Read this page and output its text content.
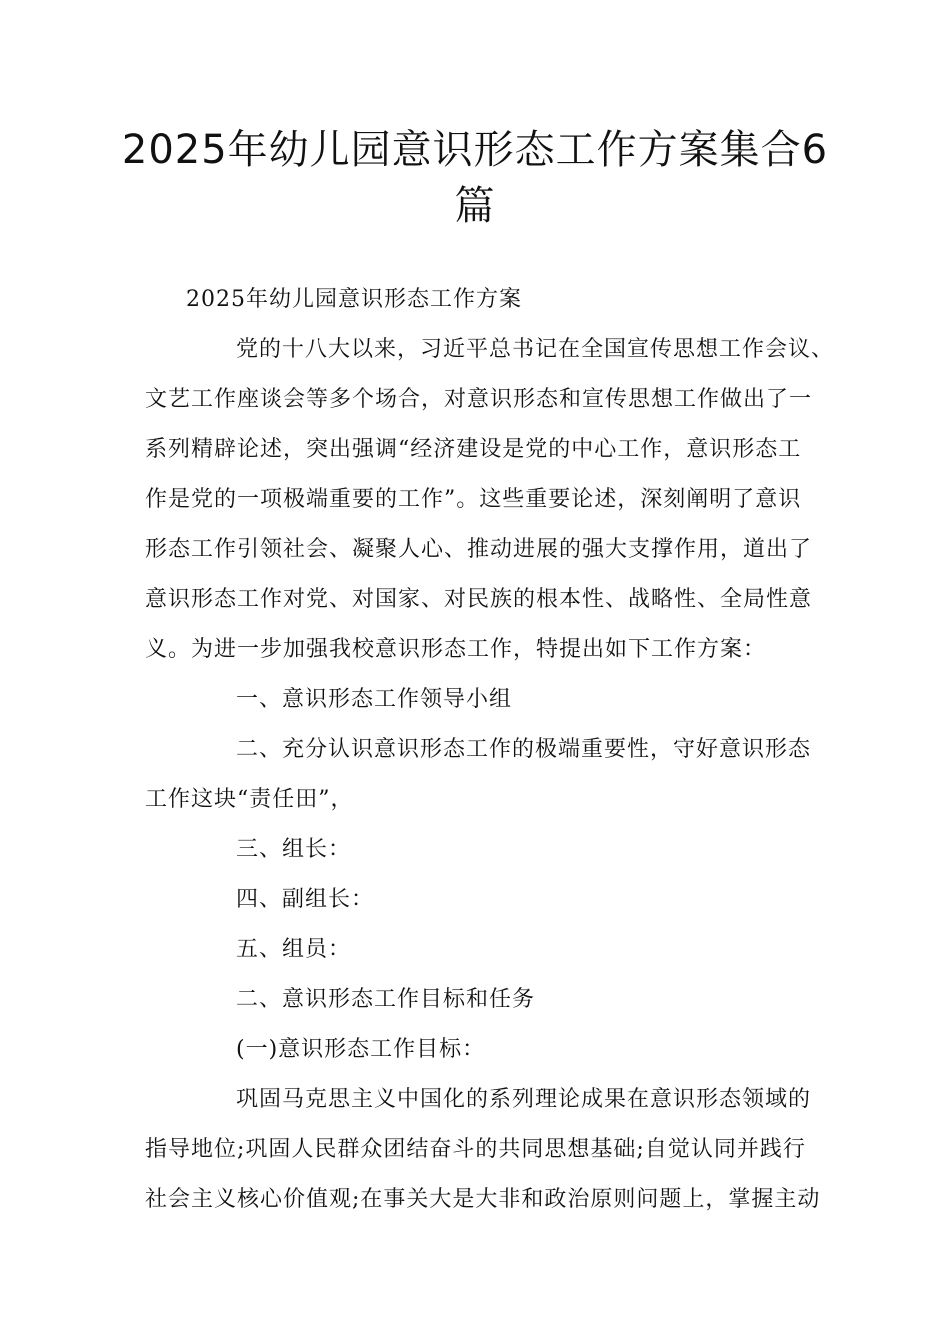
2025年幼儿园意识形态工作方案集合6篇
2025年幼儿园意识形态工作方案
党的十八大以来，习近平总书记在全国宣传思想工作会议、
文艺工作座谈会等多个场合，对意识形态和宣传思想工作做出了一
系列精辟论述，突出强调“经济建设是党的中心工作，意识形态工
作是党的一项极端重要的工作”。这些重要论述，深刻阐明了意识
形态工作引领社会、凝聚人心、推动进展的强大支撑作用，道出了
意识形态工作对党、对国家、对民族的根本性、战略性、全局性意
义。为进一步加强我校意识形态工作，特提出如下工作方案：
一、意识形态工作领导小组
二、充分认识意识形态工作的极端重要性，守好意识形态
工作这块“责任田”，
三、组长：
四、副组长：
五、组员：
二、意识形态工作目标和任务
(一)意识形态工作目标：
巩固马克思主义中国化的系列理论成果在意识形态领域的
指导地位;巩固人民群众团结奋斗的共同思想基础;自觉认同并践行
社会主义核心价值观;在事关大是大非和政治原则问题上，掌握主动
